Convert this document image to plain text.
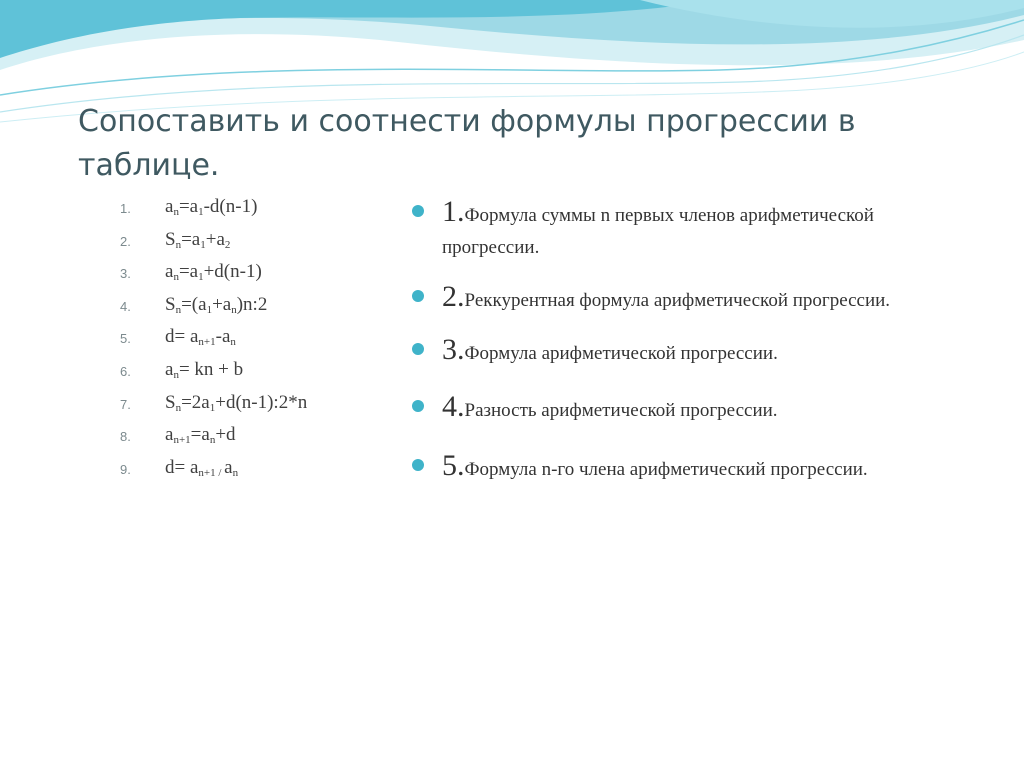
Сопоставить и соотнести формулы прогрессии в таблице.
1.	$a_n=a_1-d(n-1)$
2.	$S_n=a_1+a_2$
3.	$a_n=a_1+d(n-1)$
4.	$S_n=(a_1+a_n)n:2$
5.	$d= a_{n+1}-a_n$
6.	$a_n=$ kn + b
7.	$S_n=2a_1+d(n-1):2*n$
8.	$a_{n+1}=a_n+d$
9.	$d= a_{n+1 /}$ $a_n$
1.Формула суммы n первых членов арифметической прогрессии.
2.Реккурентная формула арифметической прогрессии.
3.Формула арифметической прогрессии.
4.Разность арифметической прогрессии.
5.Формула n-го члена арифметический прогрессии.
